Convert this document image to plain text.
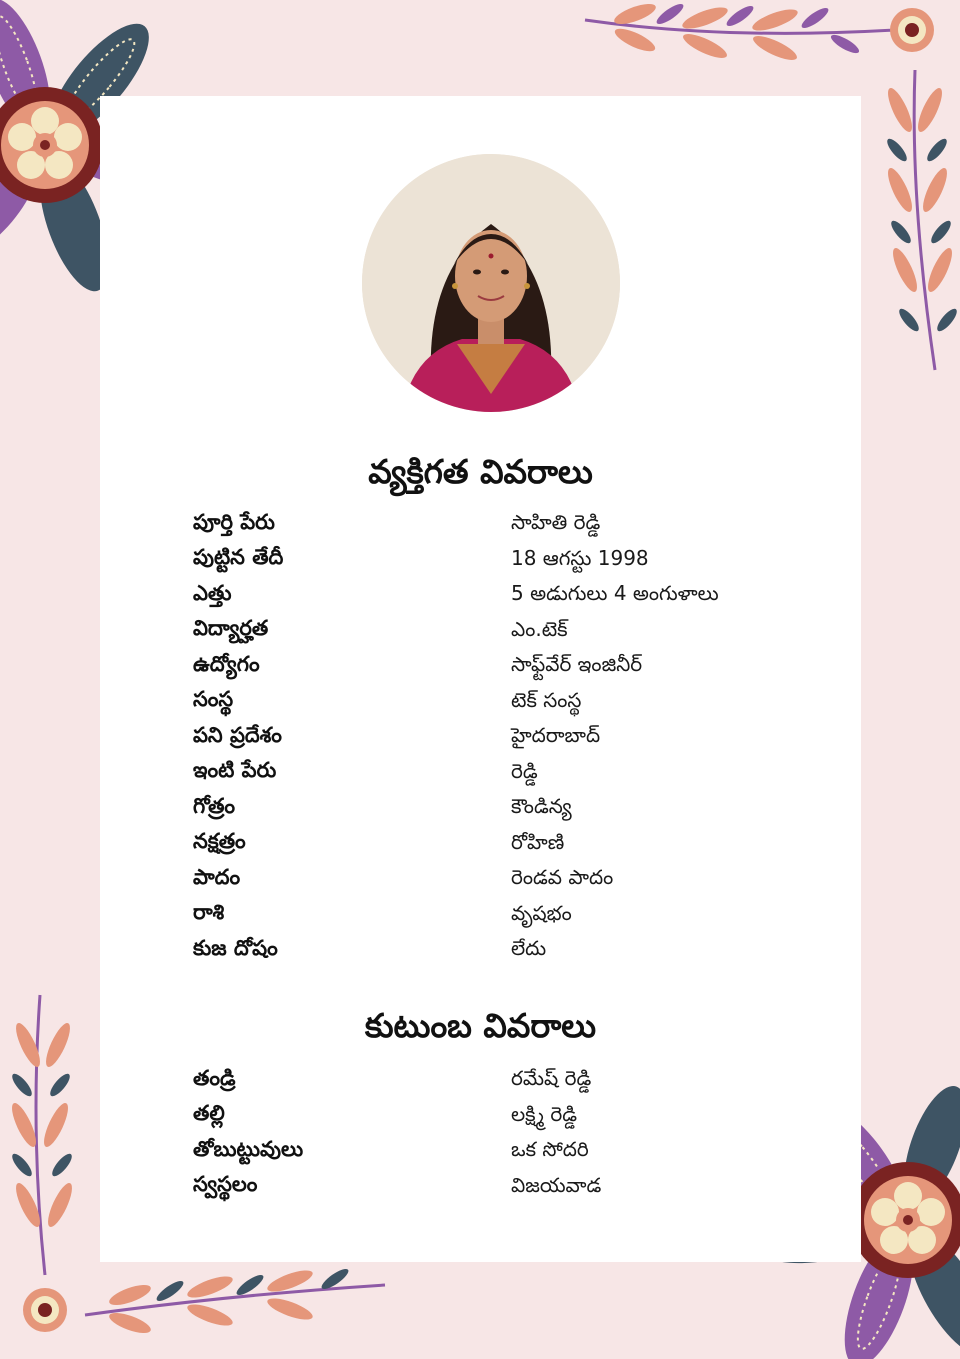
వ్యక్తిగత వివరాలు
పూర్తి పేరు	సాహితి రెడ్డి
పుట్టిన తేదీ	18 ఆగస్టు 1998
ఎత్తు	5 అడుగులు 4 అంగుళాలు
విద్యార్హత	ఎం.టెక్
ఉద్యోగం	సాఫ్ట్‌వేర్ ఇంజినీర్
సంస్థ	టెక్ సంస్థ
పని ప్రదేశం	హైదరాబాద్
ఇంటి పేరు	రెడ్డి
గోత్రం	కౌండిన్య
నక్షత్రం	రోహిణి
పాదం	రెండవ పాదం
రాశి	వృషభం
కుజ దోషం	లేదు
కుటుంబ వివరాలు
తండ్రి	రమేష్ రెడ్డి
తల్లి	లక్ష్మి రెడ్డి
తోబుట్టువులు	ఒక సోదరి
స్వస్థలం	విజయవాడ
